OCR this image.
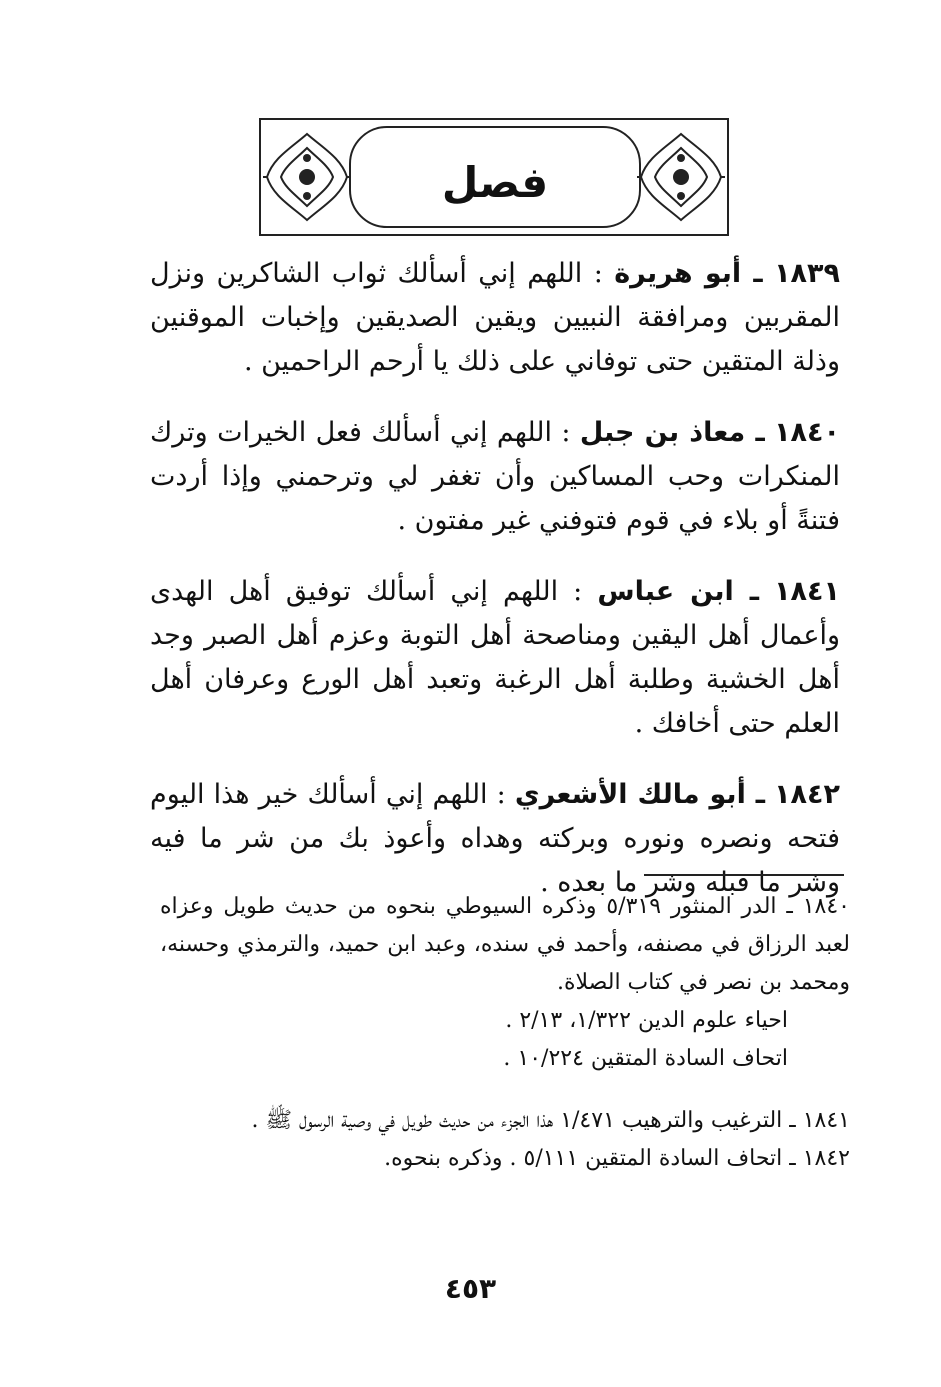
فصل

١٨٣٩ ـ أبو هريرة : اللهم إني أسألك ثواب الشاكرين ونزل المقربين ومرافقة النبيين ويقين الصديقين وإخبات الموقنين وذلة المتقين حتى توفاني على ذلك يا أرحم الراحمين .

١٨٤٠ ـ معاذ بن جبل : اللهم إني أسألك فعل الخيرات وترك المنكرات وحب المساكين وأن تغفر لي وترحمني وإذا أردت فتنةً أو بلاء في قوم فتوفني غير مفتون .

١٨٤١ ـ ابن عباس : اللهم إني أسألك توفيق أهل الهدى وأعمال أهل اليقين ومناصحة أهل التوبة وعزم أهل الصبر وجد أهل الخشية وطلبة أهل الرغبة وتعبد أهل الورع وعرفان أهل العلم حتى أخافك .

١٨٤٢ ـ أبو مالك الأشعري : اللهم إني أسألك خير هذا اليوم فتحه ونصره ونوره وبركته وهداه وأعوذ بك من شر ما فيه وشر ما قبله وشر ما بعده .

١٨٤٠ ـ الدر المنثور ٥/٣١٩ وذكره السيوطي بنحوه من حديث طويل وعزاه لعبد الرزاق في مصنفه، وأحمد في سنده، وعبد ابن حميد، والترمذي وحسنه، ومحمد بن نصر في كتاب الصلاة.
احياء علوم الدين ١/٣٢٢، ٢/١٣ .
اتحاف السادة المتقين ١٠/٢٢٤ .
١٨٤١ ـ الترغيب والترهيب ١/٤٧١ هذا الجزء من حديث طويل في وصية الرسول ﷺ .
١٨٤٢ ـ اتحاف السادة المتقين ٥/١١١ . وذكره بنحوه.
٤٥٣
